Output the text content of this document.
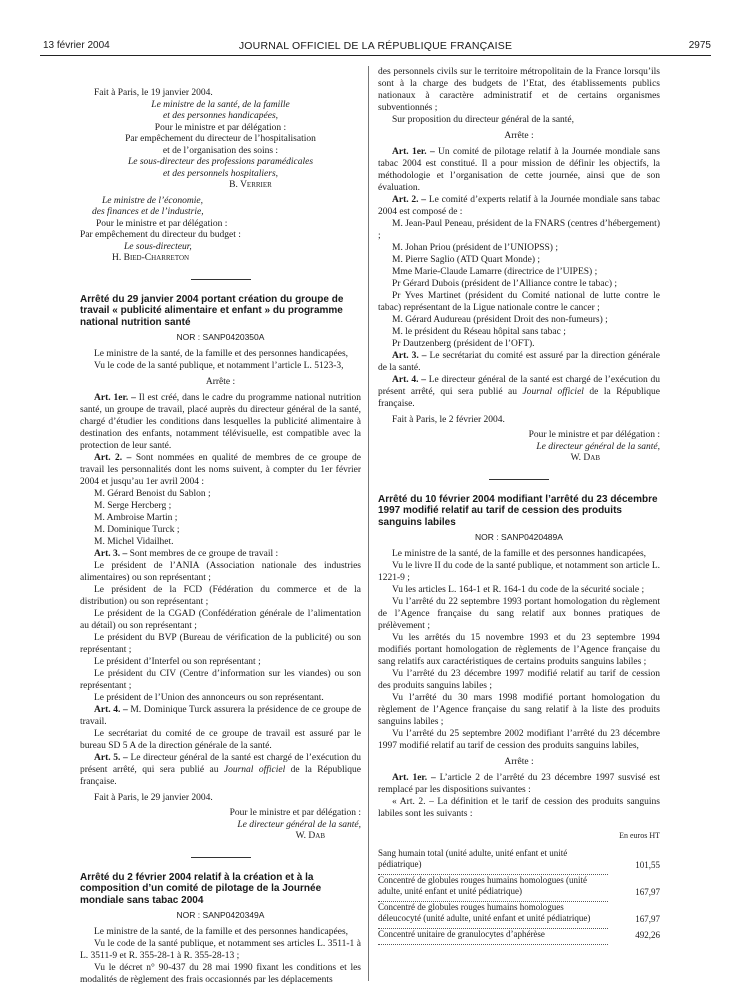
13 février 2004	JOURNAL OFFICIEL DE LA RÉPUBLIQUE FRANÇAISE	2975

Fait à Paris, le 19 janvier 2004.

Le ministre de la santé, de la famille

et des personnes handicapées,

Pour le ministre et par délégation :

Par empêchement du directeur de l’hospitalisation

et de l’organisation des soins :

Le sous-directeur des professions paramédicales

et des personnels hospitaliers,

B. Verrier

Le ministre de l’économie,

des finances et de l’industrie,

Pour le ministre et par délégation :

Par empêchement du directeur du budget :

Le sous-directeur,

H. Bied-Charreton

Arrêté du 29 janvier 2004 portant création du groupe de travail « publicité alimentaire et enfant » du programme national nutrition santé

NOR : SANP0420350A

Le ministre de la santé, de la famille et des personnes handicapées,

Vu le code de la santé publique, et notamment l’article L. 5123-3,

Arrête :

Art. 1er. – Il est créé, dans le cadre du programme national nutrition santé, un groupe de travail, placé auprès du directeur général de la santé, chargé d’étudier les conditions dans lesquelles la publicité alimentaire à destination des enfants, notamment télévisuelle, est compatible avec la protection de leur santé.

Art. 2. – Sont nommées en qualité de membres de ce groupe de travail les personnalités dont les noms suivent, à compter du 1er février 2004 et jusqu’au 1er avril 2004 :

M. Gérard Benoist du Sablon ;

M. Serge Hercberg ;

M. Ambroise Martin ;

M. Dominique Turck ;

M. Michel Vidailhet.

Art. 3. – Sont membres de ce groupe de travail :

Le président de l’ANIA (Association nationale des industries alimentaires) ou son représentant ;

Le président de la FCD (Fédération du commerce et de la distribution) ou son représentant ;

Le président de la CGAD (Confédération générale de l’alimentation au détail) ou son représentant ;

Le président du BVP (Bureau de vérification de la publicité) ou son représentant ;

Le président d’Interfel ou son représentant ;

Le président du CIV (Centre d’information sur les viandes) ou son représentant ;

Le président de l’Union des annonceurs ou son représentant.

Art. 4. – M. Dominique Turck assurera la présidence de ce groupe de travail.

Le secrétariat du comité de ce groupe de travail est assuré par le bureau SD 5 A de la direction générale de la santé.

Art. 5. – Le directeur général de la santé est chargé de l’exécution du présent arrêté, qui sera publié au Journal officiel de la République française.

Fait à Paris, le 29 janvier 2004.

Pour le ministre et par délégation :

Le directeur général de la santé,

W. Dab

Arrêté du 2 février 2004 relatif à la création et à la composition d’un comité de pilotage de la Journée mondiale sans tabac 2004

NOR : SANP0420349A

Le ministre de la santé, de la famille et des personnes handicapées,

Vu le code de la santé publique, et notamment ses articles L. 3511-1 à L. 3511-9 et R. 355-28-1 à R. 355-28-13 ;

Vu le décret n° 90-437 du 28 mai 1990 fixant les conditions et les modalités de règlement des frais occasionnés par les déplacements

des personnels civils sur le territoire métropolitain de la France lorsqu’ils sont à la charge des budgets de l’Etat, des établissements publics nationaux à caractère administratif et de certains organismes subventionnés ;

Sur proposition du directeur général de la santé,

Arrête :

Art. 1er. – Un comité de pilotage relatif à la Journée mondiale sans tabac 2004 est constitué. Il a pour mission de définir les objectifs, la méthodologie et l’organisation de cette journée, ainsi que de son évaluation.

Art. 2. – Le comité d’experts relatif à la Journée mondiale sans tabac 2004 est composé de :

M. Jean-Paul Peneau, président de la FNARS (centres d’hébergement) ;

M. Johan Priou (président de l’UNIOPSS) ;

M. Pierre Saglio (ATD Quart Monde) ;

Mme Marie-Claude Lamarre (directrice de l’UIPES) ;

Pr Gérard Dubois (président de l’Alliance contre le tabac) ;

Pr Yves Martinet (président du Comité national de lutte contre le tabac) représentant de la Ligue nationale contre le cancer ;

M. Gérard Audureau (président Droit des non-fumeurs) ;

M. le président du Réseau hôpital sans tabac ;

Pr Dautzenberg (président de l’OFT).

Art. 3. – Le secrétariat du comité est assuré par la direction générale de la santé.

Art. 4. – Le directeur général de la santé est chargé de l’exécution du présent arrêté, qui sera publié au Journal officiel de la République française.

Fait à Paris, le 2 février 2004.

Pour le ministre et par délégation :

Le directeur général de la santé,

W. Dab

Arrêté du 10 février 2004 modifiant l’arrêté du 23 décembre 1997 modifié relatif au tarif de cession des produits sanguins labiles

NOR : SANP0420489A

Le ministre de la santé, de la famille et des personnes handicapées,

Vu le livre II du code de la santé publique, et notamment son article L. 1221-9 ;

Vu les articles L. 164-1 et R. 164-1 du code de la sécurité sociale ;

Vu l’arrêté du 22 septembre 1993 portant homologation du règlement de l’Agence française du sang relatif aux bonnes pratiques de prélèvement ;

Vu les arrêtés du 15 novembre 1993 et du 23 septembre 1994 modifiés portant homologation de règlements de l’Agence française du sang relatifs aux caractéristiques de certains produits sanguins labiles ;

Vu l’arrêté du 23 décembre 1997 modifié relatif au tarif de cession des produits sanguins labiles ;

Vu l’arrêté du 30 mars 1998 modifié portant homologation du règlement de l’Agence française du sang relatif à la liste des produits sanguins labiles ;

Vu l’arrêté du 25 septembre 2002 modifiant l’arrêté du 23 décembre 1997 modifié relatif au tarif de cession des produits sanguins labiles,

Arrête :

Art. 1er. – L’article 2 de l’arrêté du 23 décembre 1997 susvisé est remplacé par les dispositions suivantes :

« Art. 2. – La définition et le tarif de cession des produits sanguins labiles sont les suivants :

En euros HT

Sang humain total (unité adulte, unité enfant et unité pédiatrique)	101,55
Concentré de globules rouges humains homologues (unité adulte, unité enfant et unité pédiatrique)	167,97
Concentré de globules rouges humains homologues déleucocyté (unité adulte, unité enfant et unité pédiatrique)	167,97
Concentré unitaire de granulocytes d’aphérèse	492,26
